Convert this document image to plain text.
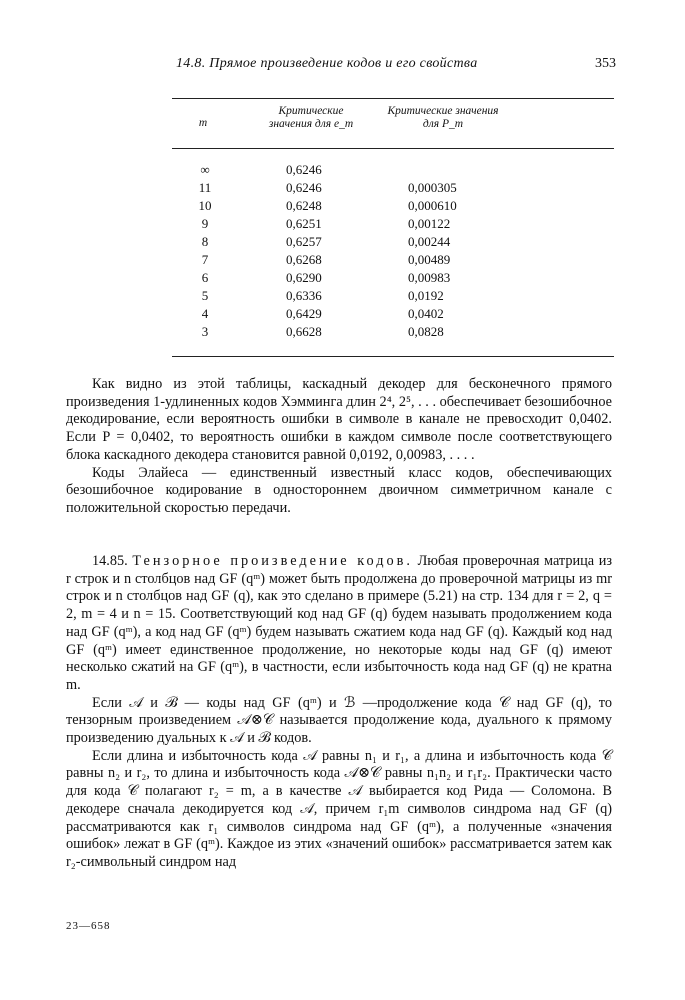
14.8. Прямое произведение кодов и его свойства	353
m
Критические значения для e_m
Критические значения для P_m
∞	0,6246
11	0,6246	0,000305
10	0,6248	0,000610
9	0,6251	0,00122
8	0,6257	0,00244
7	0,6268	0,00489
6	0,6290	0,00983
5	0,6336	0,0192
4	0,6429	0,0402
3	0,6628	0,0828

Как видно из этой таблицы, каскадный декодер для бесконечного прямого произведения 1-удлиненных кодов Хэмминга длин 2⁴, 2⁵, . . . обеспечивает безошибочное декодирование, если вероятность ошибки в символе в канале не превосходит 0,0402. Если P = 0,0402, то вероятность ошибки в каждом символе после соответствующего блока каскадного декодера становится равной 0,0192, 0,00983, . . . .

Коды Элайеса — единственный известный класс кодов, обеспечивающих безошибочное кодирование в одностороннем двоичном симметричном канале с положительной скоростью передачи.

14.85. Тензорное произведение кодов. Любая проверочная матрица из r строк и n столбцов над GF (qᵐ) может быть продолжена до проверочной матрицы из mr строк и n столбцов над GF (q), как это сделано в примере (5.21) на стр. 134 для r = 2, q = 2, m = 4 и n = 15. Соответствующий код над GF (q) будем называть продолжением кода над GF (qᵐ), а код над GF (qᵐ) будем называть сжатием кода над GF (q). Каждый код над GF (qᵐ) имеет единственное продолжение, но некоторые коды над GF (q) имеют несколько сжатий на GF (qᵐ), в частности, если избыточность кода над GF (q) не кратна m.

Если 𝒜 и ℬ — коды над GF (qᵐ) и ℬ —продолжение кода 𝒞 над GF (q), то тензорным произведением 𝒜⊗𝒞 называется продолжение кода, дуального к прямому произведению дуальных к 𝒜 и ℬ кодов.

Если длина и избыточность кода 𝒜 равны n₁ и r₁, а длина и избыточность кода 𝒞 равны n₂ и r₂, то длина и избыточность кода 𝒜⊗𝒞 равны n₁n₂ и r₁r₂. Практически часто для кода 𝒞 полагают r₂ = m, а в качестве 𝒜 выбирается код Рида — Соломона. В декодере сначала декодируется код 𝒜, причем r₁m символов синдрома над GF (q) рассматриваются как r₁ символов синдрома над GF (qᵐ), а полученные «значения ошибок» лежат в GF (qᵐ). Каждое из этих «значений ошибок» рассматривается затем как r₂-символьный синдром над

23—658
